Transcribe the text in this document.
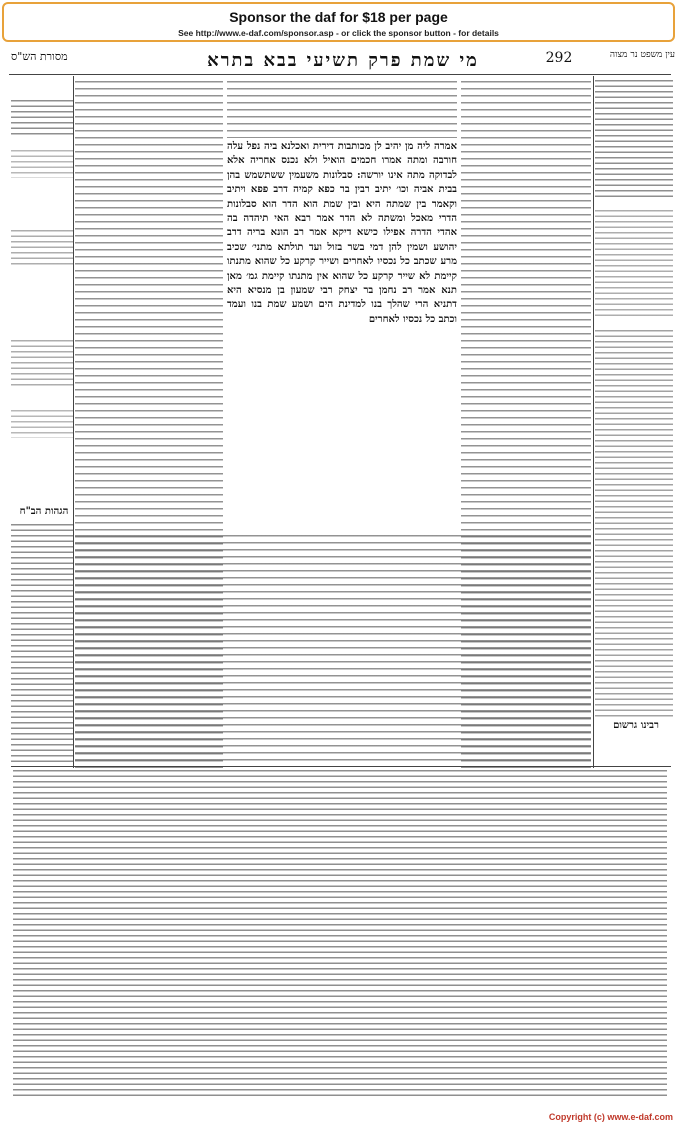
Sponsor the daf for $18 per page
See http://www.e-daf.com/sponsor.asp - or click the sponsor button - for details
מסורת הש"ס	מי שמת פרק תשיעי בבא בתרא	292	עין משפט נר מצוה
הגהות הב"ח
אמרה ליה מן יהיב לן מכותבות דירית ואכלנא ביה נפל עלה חורבה ומתה אמרו חכמים הואיל ולא נכנס אחריה אלא לבדוקה מתה אינו יורשה: סבלונות משעמין ששתשמש בהן בבית אביה וכו׳ יתיב רבין בר כפא קמיה דרב פפא ויתיב וקאמר בין שמתה היא ובין שמת הוא הדר הוא סבלונות הדרי מאכל ומשתה לא הדר אמר רבא האי תיהדה בה אהדי הדרה אפילו כישא דיקא אמר רב הונא בריה דרב יהושע ושמין להן דמי בשר בזול ועד תולתא מתני׳ שכיב מרע שכתב כל נכסיו לאחרים ושייר קרקע כל שהוא מתנתו קיימת לא שייר קרקע כל שהוא אין מתנתו קיימת גמ׳ מאן תנא אמר רב נחמן בר יצחק רבי שמעון בן מנסיא היא דתניא הרי שהלך בנו למדינת הים ושמע שמת בנו ועמד וכתב כל נכסיו לאחרים
רבינו גרשום
Copyright (c) www.e-daf.com
